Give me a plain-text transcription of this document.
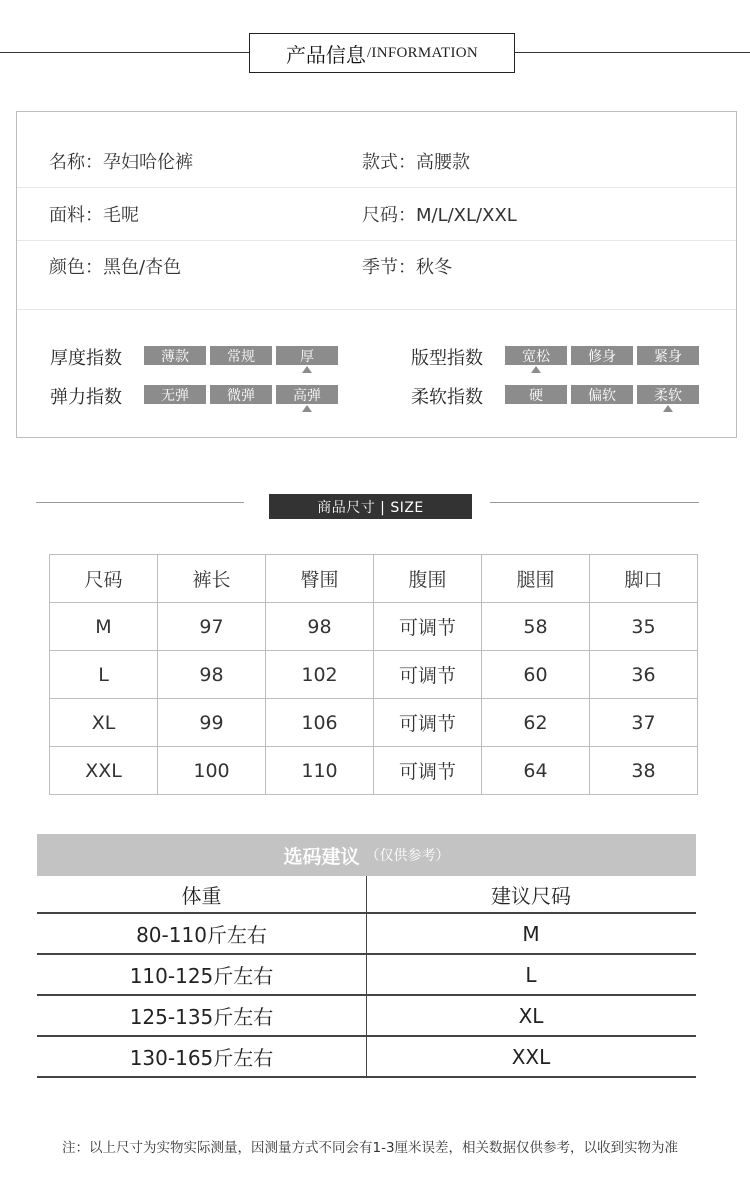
产品信息 /INFORMATION
名称：孕妇哈伦裤	款式：高腰款
面料：毛呢	尺码：M/L/XL/XXL
颜色：黑色/杏色	季节：秋冬
厚度指数	薄款	常规	厚	版型指数	宽松	修身	紧身
弹力指数	无弹	微弹	高弹	柔软指数	硬	偏软	柔软
商品尺寸 | SIZE
尺码	裤长	臀围	腹围	腿围	脚口
M	97	98	可调节	58	35
L	98	102	可调节	60	36
XL	99	106	可调节	62	37
XXL	100	110	可调节	64	38
选码建议 （仅供参考）
体重	建议尺码
80-110斤左右	M
110-125斤左右	L
125-135斤左右	XL
130-165斤左右	XXL
注：以上尺寸为实物实际测量，因测量方式不同会有1-3厘米误差，相关数据仅供参考，以收到实物为准
